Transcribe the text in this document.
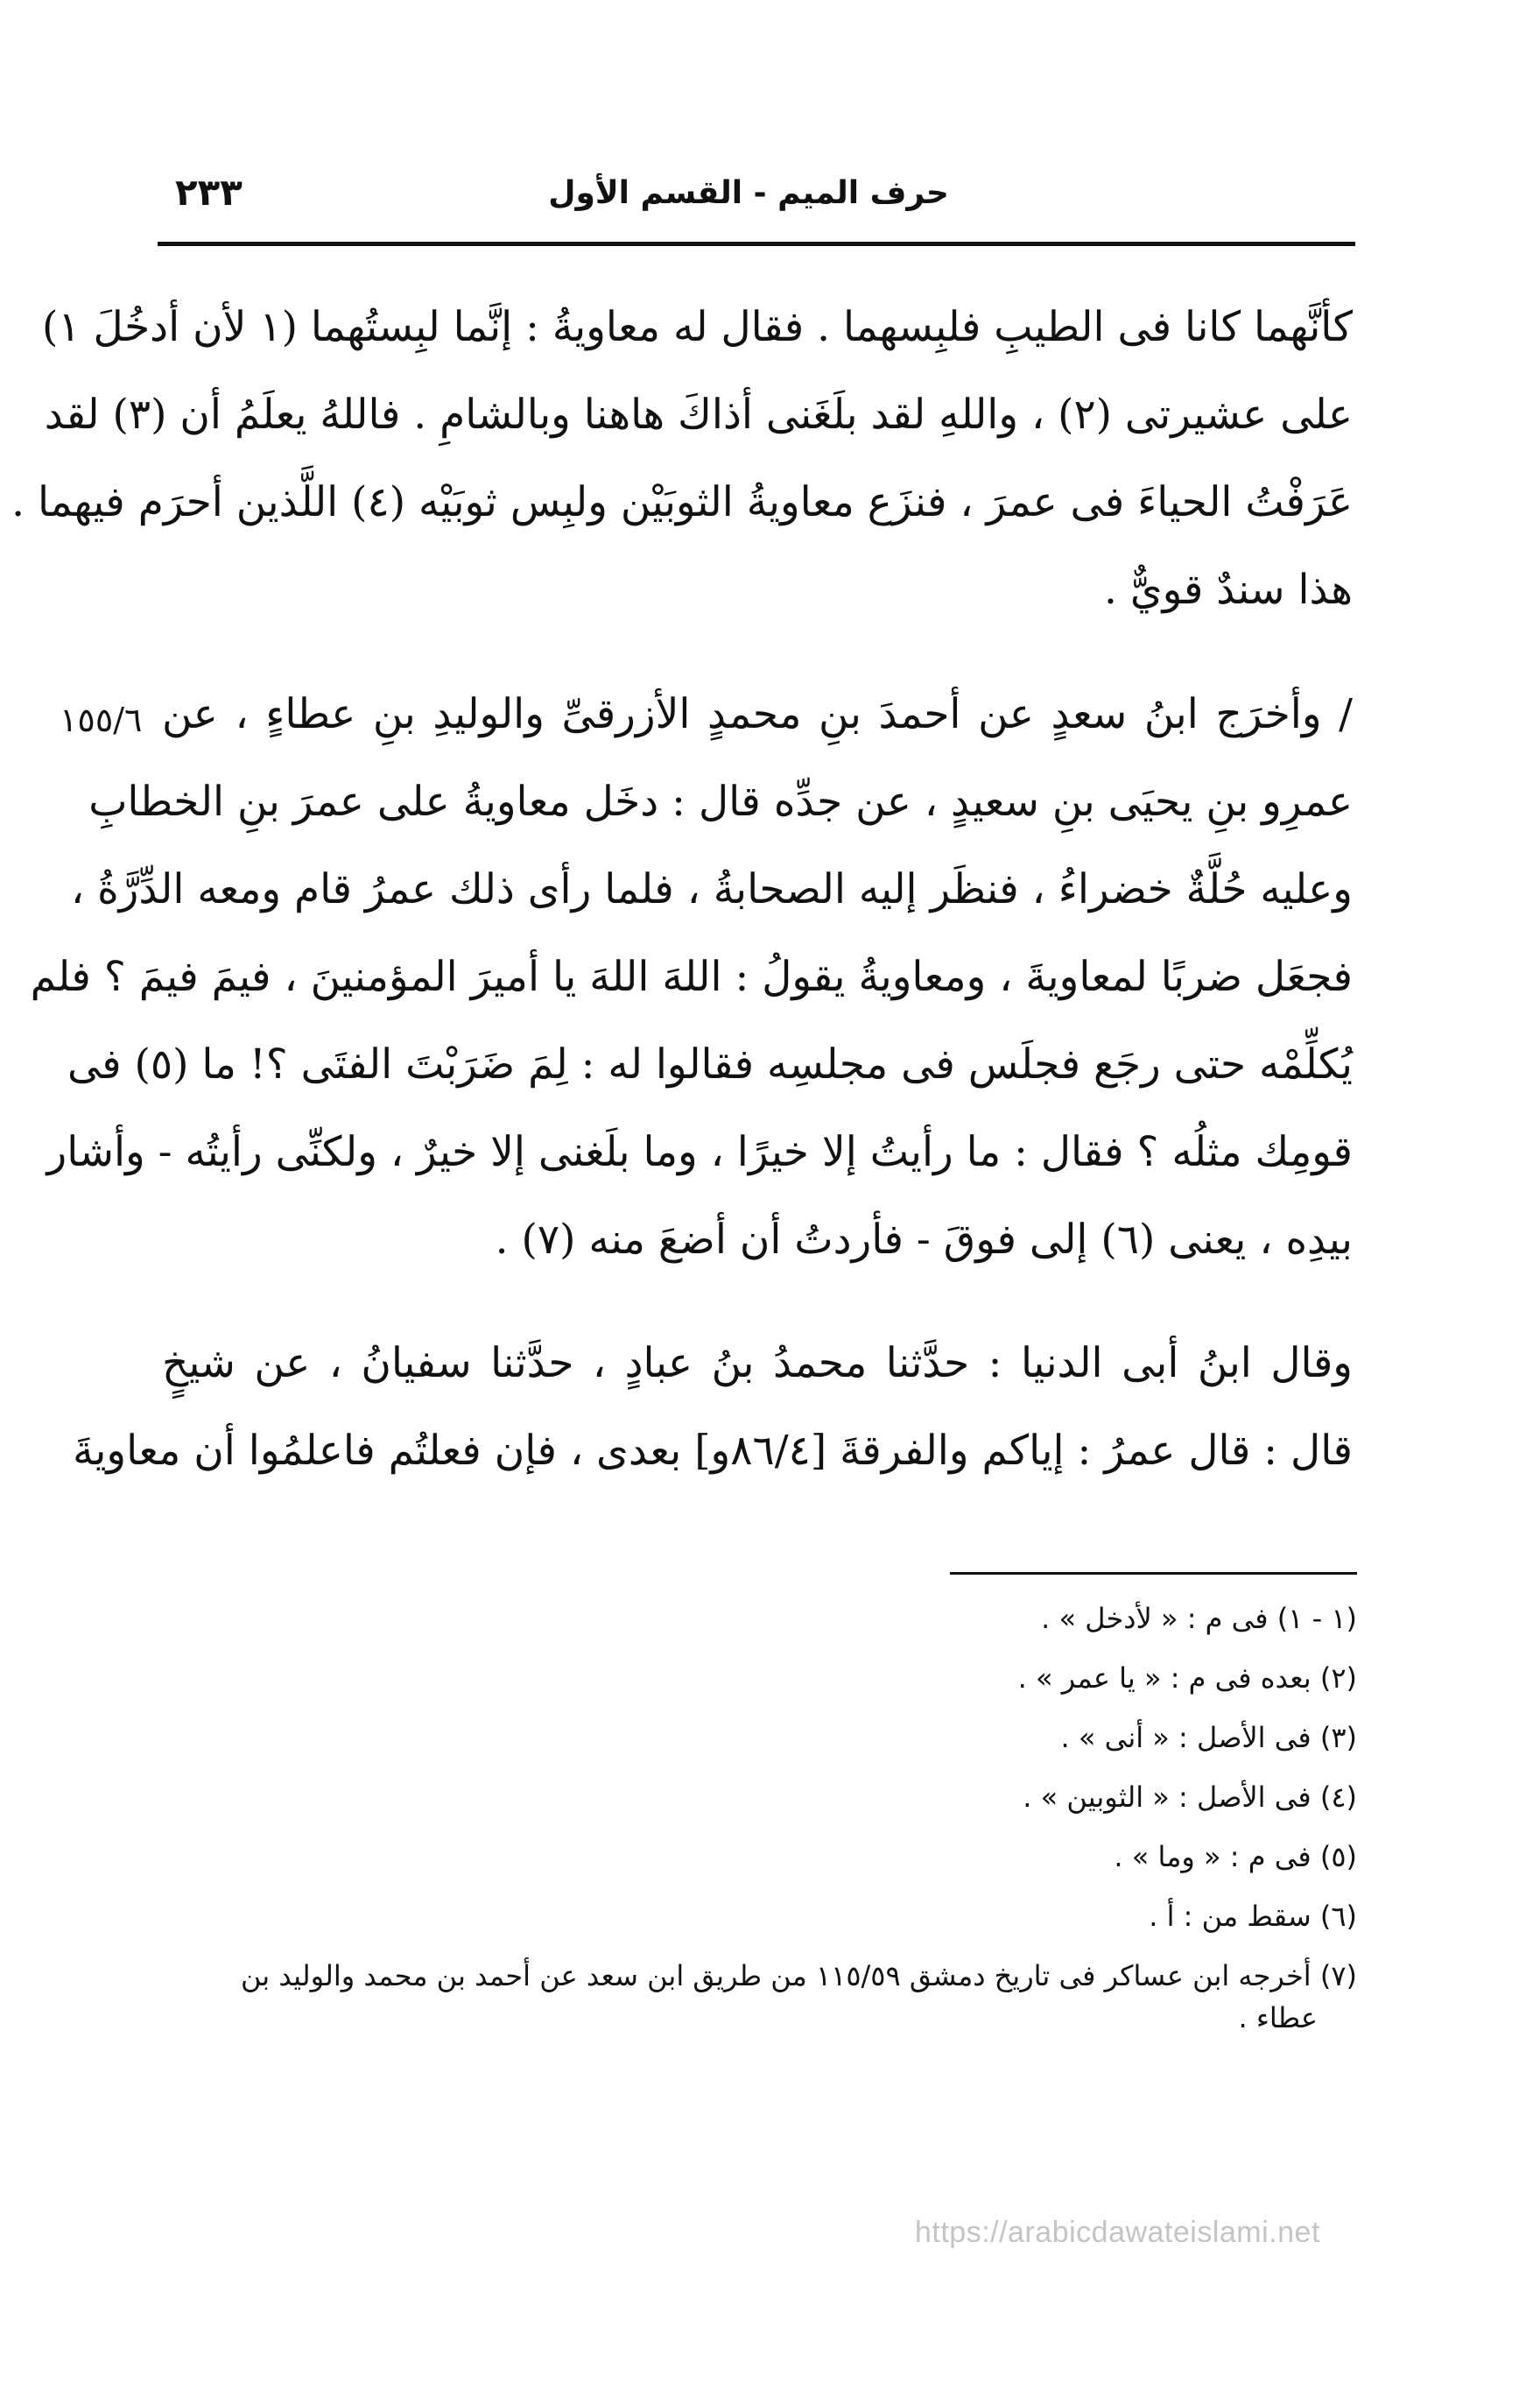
حرف الميم - القسم الأول
٢٣٣
كأنَّهما كانا فى الطيبِ فلبِسهما . فقال له معاويةُ : إنَّما لبِستُهما (١ لأن أدخُلَ ١)
على عشيرتى (٢) ، واللهِ لقد بلَغَنى أذاكَ هاهنا وبالشامِ . فاللهُ يعلَمُ أن (٣) لقد
عَرَفْتُ الحياءَ فى عمرَ ، فنزَع معاويةُ الثوبَيْن ولبِس ثوبَيْه (٤) اللَّذين أحرَم فيهما .
هذا سندٌ قويٌّ .
١٥٥/٦ / وأخرَج ابنُ سعدٍ عن أحمدَ بنِ محمدٍ الأزرقىِّ والوليدِ بنِ عطاءٍ ، عن
عمرِو بنِ يحيَى بنِ سعيدٍ ، عن جدِّه قال : دخَل معاويةُ على عمرَ بنِ الخطابِ
وعليه حُلَّةٌ خضراءُ ، فنظَر إليه الصحابةُ ، فلما رأى ذلك عمرُ قام ومعه الدِّرَّةُ ،
فجعَل ضربًا لمعاويةَ ، ومعاويةُ يقولُ : اللهَ اللهَ يا أميرَ المؤمنينَ ، فيمَ فيمَ ؟ فلم
يُكلِّمْه حتى رجَع فجلَس فى مجلسِه فقالوا له : لِمَ ضَرَبْتَ الفتَى ؟! ما (٥) فى
قومِك مثلُه ؟ فقال : ما رأيتُ إلا خيرًا ، وما بلَغنى إلا خيرٌ ، ولكنِّى رأيتُه - وأشار
بيدِه ، يعنى (٦) إلى فوقَ - فأردتُ أن أضعَ منه (٧) .
وقال ابنُ أبى الدنيا : حدَّثنا محمدُ بنُ عبادٍ ، حدَّثنا سفيانُ ، عن شيخٍ
قال : قال عمرُ : إياكم والفرقةَ [٨٦/٤و] بعدى ، فإن فعلتُم فاعلمُوا أن معاويةَ
(١ - ١) فى م : « لأدخل » .
(٢) بعده فى م : « يا عمر » .
(٣) فى الأصل : « أنى » .
(٤) فى الأصل : « الثوبين » .
(٥) فى م : « وما » .
(٦) سقط من : أ .
(٧) أخرجه ابن عساكر فى تاريخ دمشق ١١٥/٥٩ من طريق ابن سعد عن أحمد بن محمد والوليد بن
عطاء .
https://arabicdawateislami.net
